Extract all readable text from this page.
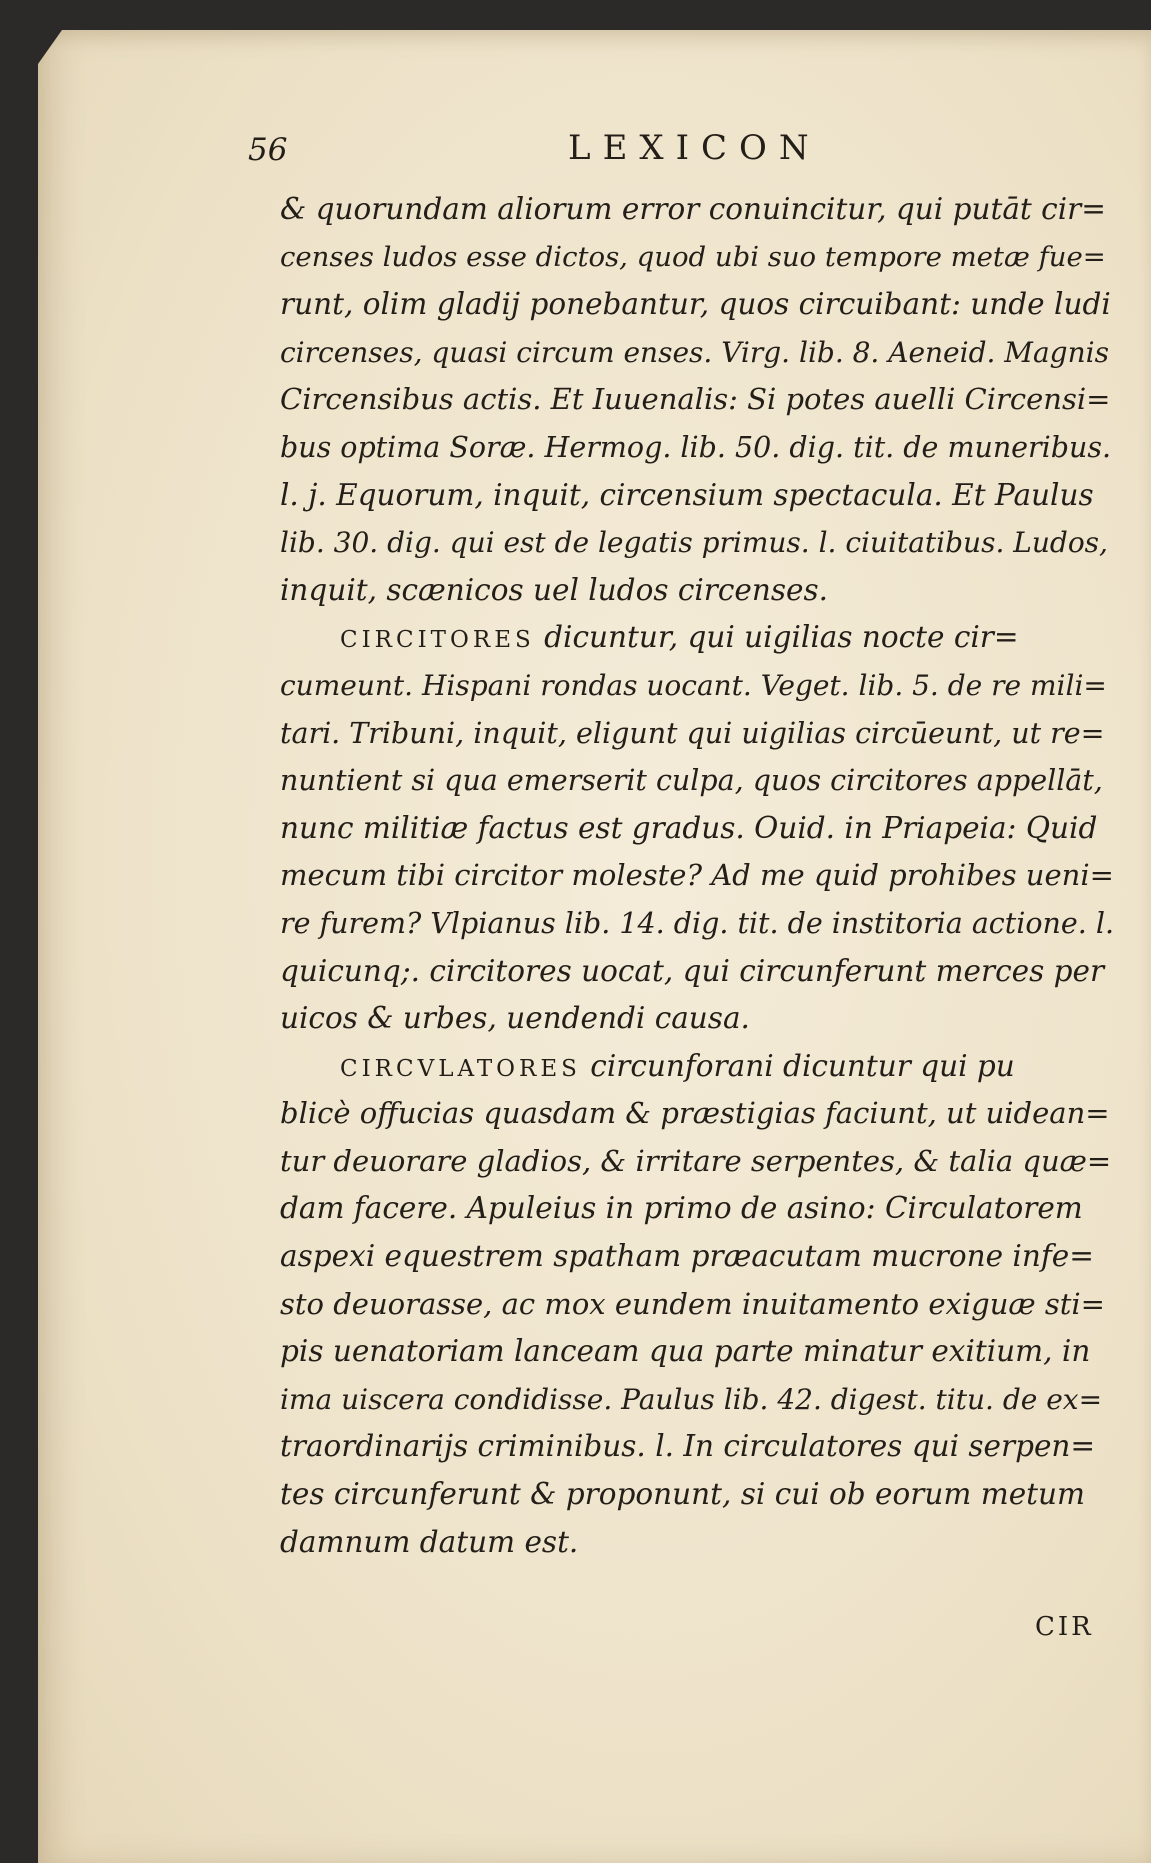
56	LEXICON
& quorundam aliorum error conuincitur, qui putāt cir=
censes ludos esse dictos, quod ubi suo tempore metæ fue=
runt, olim gladij ponebantur, quos circuibant: unde ludi
circenses, quasi circum enses. Virg. lib. 8. Aeneid. Magnis
Circensibus actis. Et Iuuenalis: Si potes auelli Circensi=
bus optima Soræ. Hermog. lib. 50. dig. tit. de muneribus.
l. j. Equorum, inquit, circensium spectacula. Et Paulus
lib. 30. dig. qui est de legatis primus. l. ciuitatibus. Ludos,
inquit, scænicos uel ludos circenses.
CIRCITORES dicuntur, qui uigilias nocte cir=
cumeunt. Hispani rondas uocant. Veget. lib. 5. de re mili=
tari. Tribuni, inquit, eligunt qui uigilias circūeunt, ut re=
nuntient si qua emerserit culpa, quos circitores appellāt,
nunc militiæ factus est gradus. Ouid. in Priapeia: Quid
mecum tibi circitor moleste? Ad me quid prohibes ueni=
re furem? Vlpianus lib. 14. dig. tit. de institoria actione. l.
quicunq;. circitores uocat, qui circunferunt merces per
uicos & urbes, uendendi causa.
CIRCVLATORES circunforani dicuntur qui pu
blicè offucias quasdam & præstigias faciunt, ut uidean=
tur deuorare gladios, & irritare serpentes, & talia quæ=
dam facere. Apuleius in primo de asino: Circulatorem
aspexi equestrem spatham præacutam mucrone infe=
sto deuorasse, ac mox eundem inuitamento exiguæ sti=
pis uenatoriam lanceam qua parte minatur exitium, in
ima uiscera condidisse. Paulus lib. 42. digest. titu. de ex=
traordinarijs criminibus. l. In circulatores qui serpen=
tes circunferunt & proponunt, si cui ob eorum metum
damnum datum est.
CIR
